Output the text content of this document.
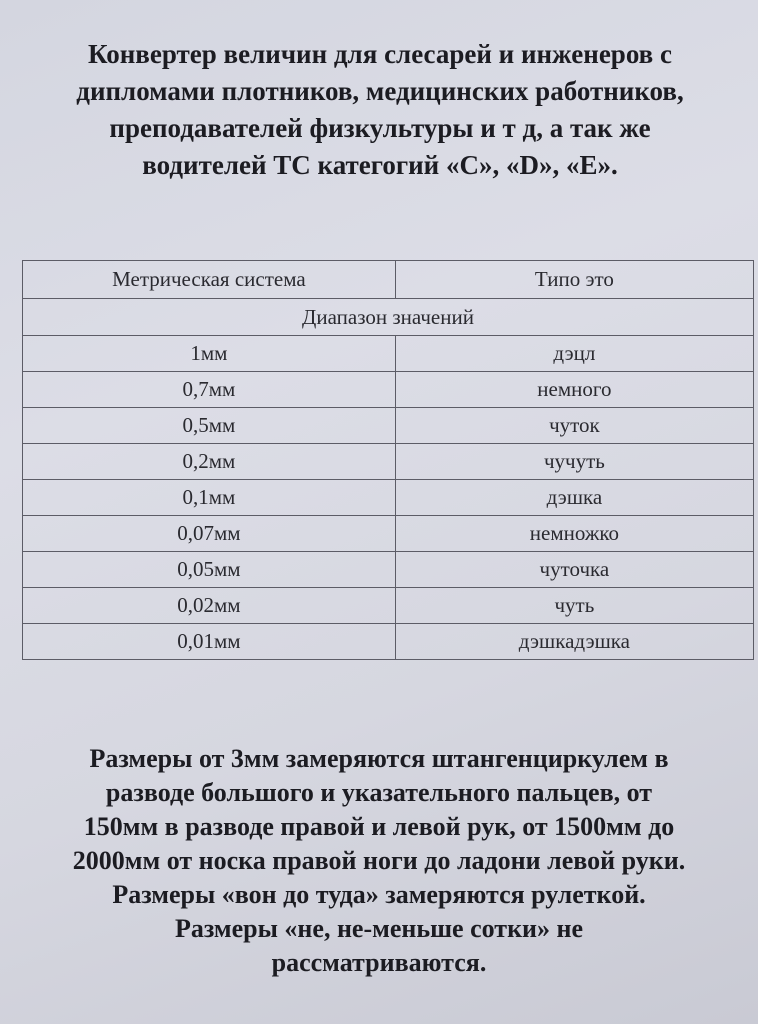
Конвертер величин для слесарей и инженеров с
дипломами плотников, медицинских работников,
преподавателей физкультуры и т д, а так же
водителей ТС категогий «C», «D», «E».
Метрическая система	Типо это
Диапазон значений	
1мм	дэцл
0,7мм	немного
0,5мм	чуток
0,2мм	чучуть
0,1мм	дэшка
0,07мм	немножко
0,05мм	чуточка
0,02мм	чуть
0,01мм	дэшкадэшка

Размеры от 3мм замеряются штангенциркулем в
разводе большого и указательного пальцев, от
150мм в разводе правой и левой рук, от 1500мм до
2000мм от носка правой ноги до ладони левой руки.
Размеры «вон до туда» замеряются рулеткой.
Размеры «не, не-меньше сотки» не
рассматриваются.
